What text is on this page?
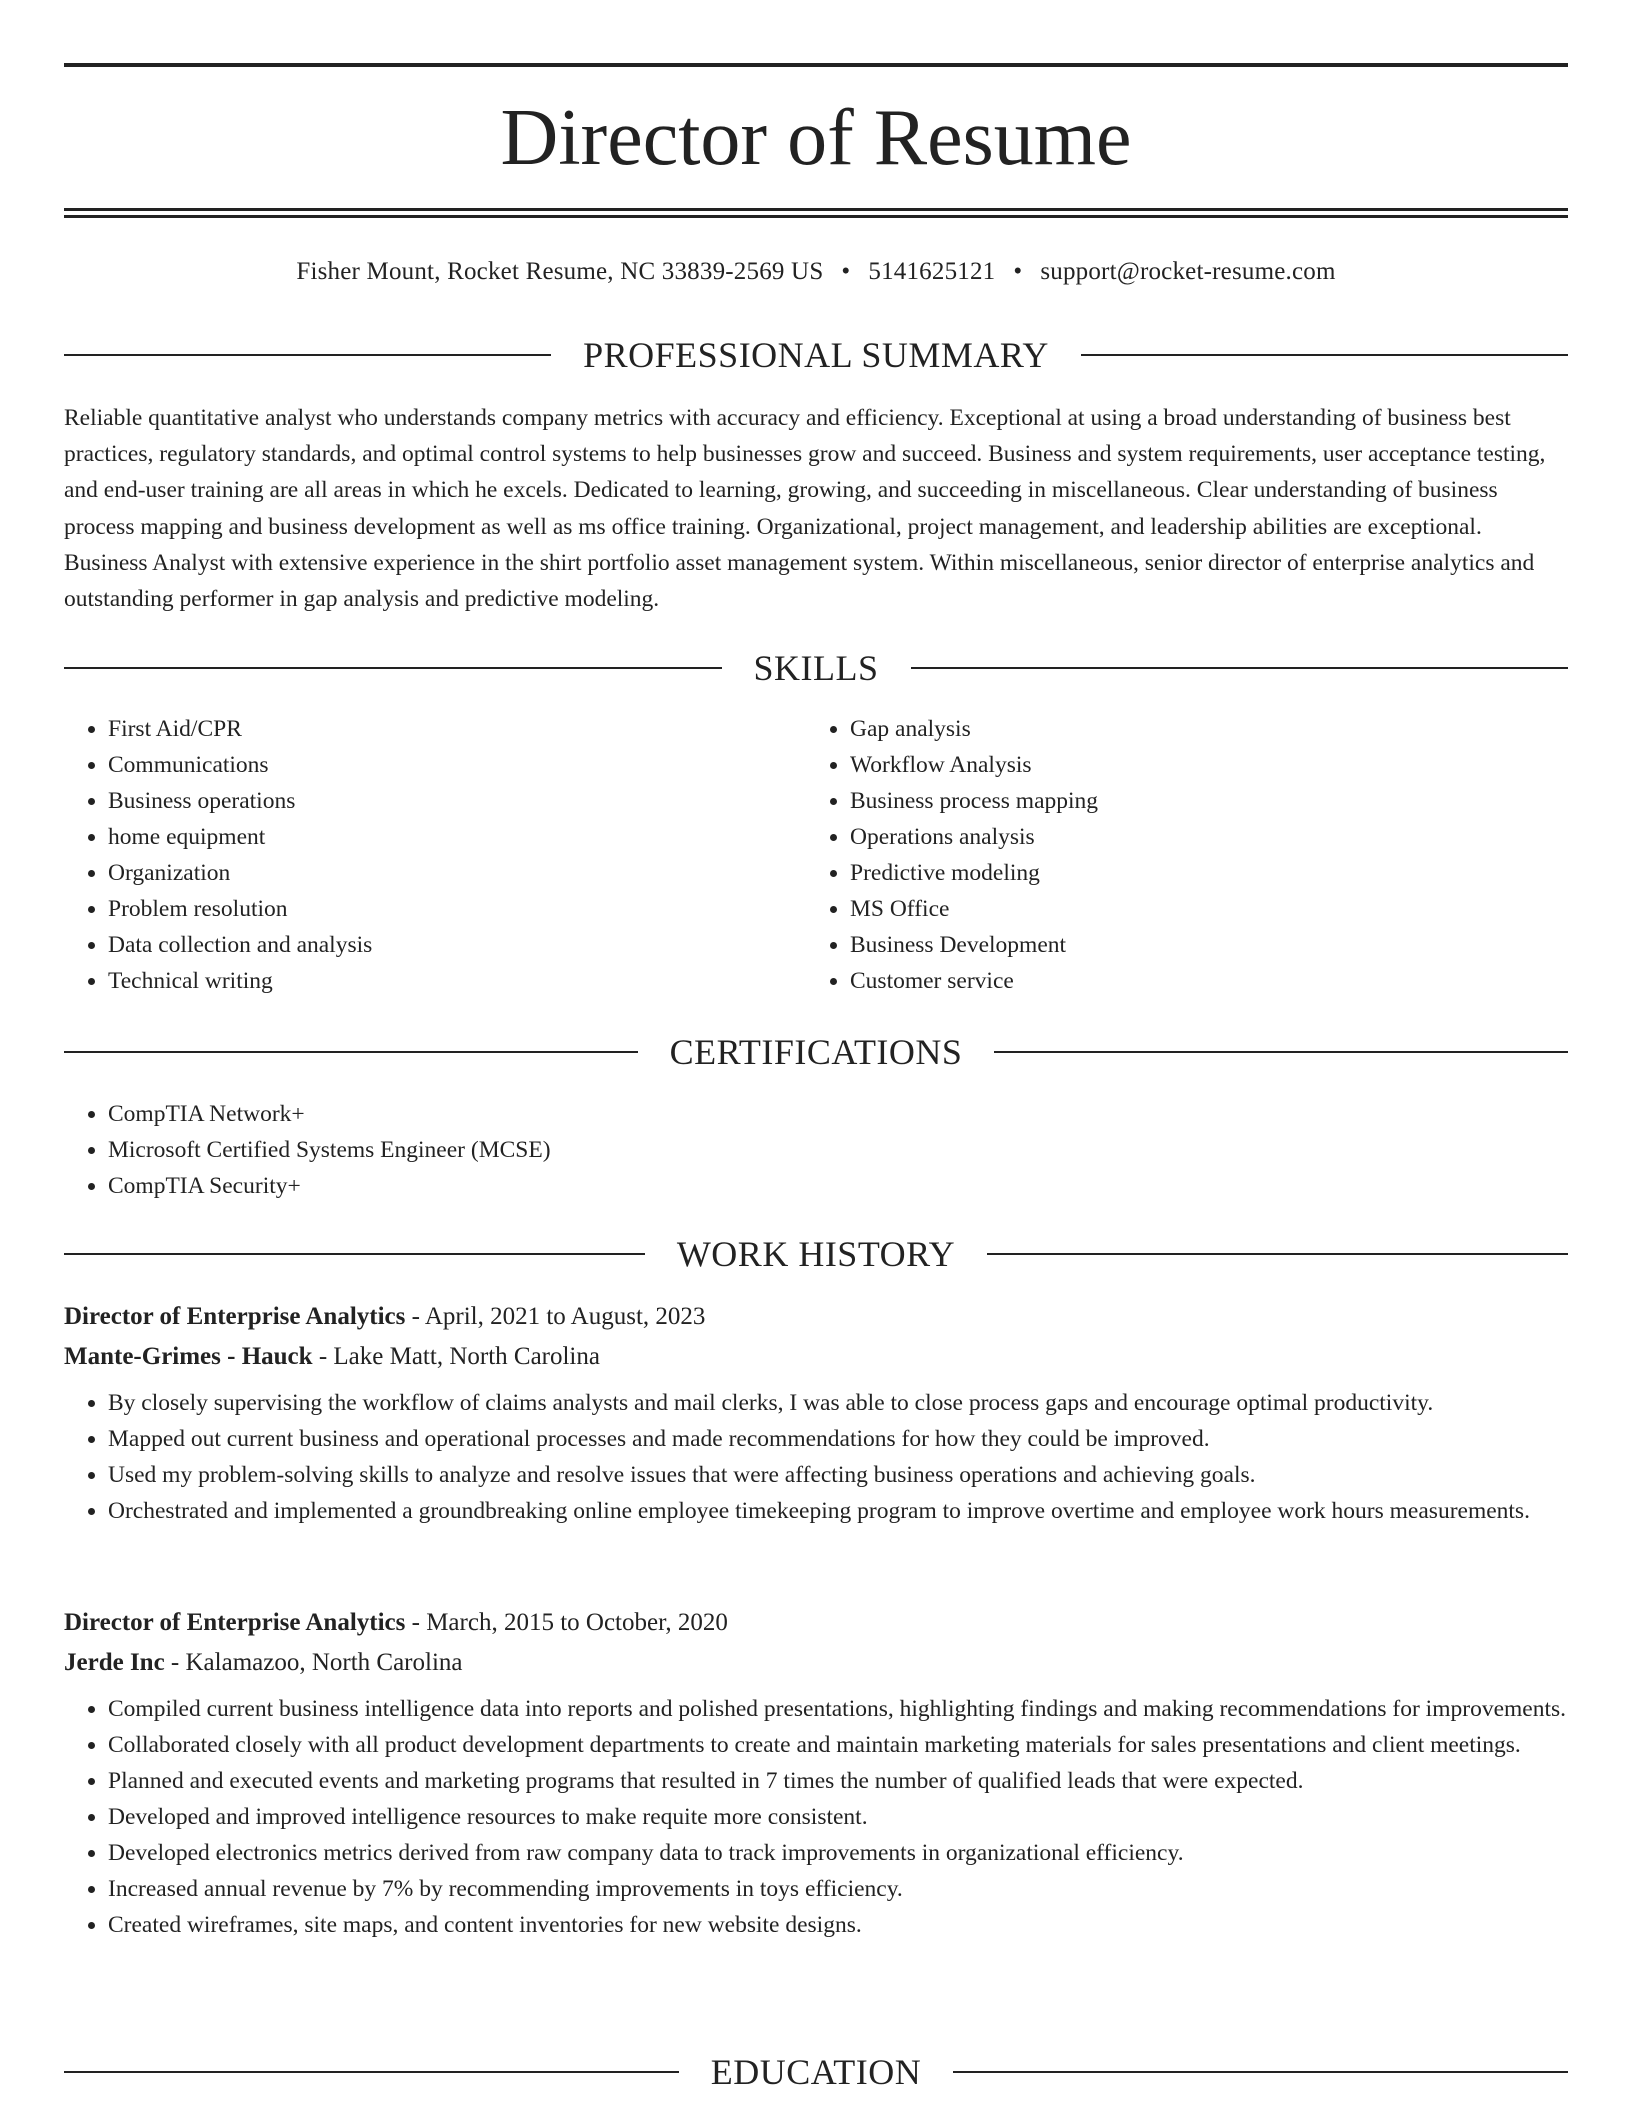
Director of Resume
Fisher Mount, Rocket Resume, NC 33839-2569 US • 5141625121 • support@rocket-resume.com
PROFESSIONAL SUMMARY

Reliable quantitative analyst who understands company metrics with accuracy and efficiency. Exceptional at using a broad understanding of business best practices, regulatory standards, and optimal control systems to help businesses grow and succeed. Business and system requirements, user acceptance testing, and end-user training are all areas in which he excels. Dedicated to learning, growing, and succeeding in miscellaneous. Clear understanding of business process mapping and business development as well as ms office training. Organizational, project management, and leadership abilities are exceptional. Business Analyst with extensive experience in the shirt portfolio asset management system. Within miscellaneous, senior director of enterprise analytics and outstanding performer in gap analysis and predictive modeling.

SKILLS
• First Aid/CPR
• Communications
• Business operations
• home equipment
• Organization
• Problem resolution
• Data collection and analysis
• Technical writing
• Gap analysis
• Workflow Analysis
• Business process mapping
• Operations analysis
• Predictive modeling
• MS Office
• Business Development
• Customer service
CERTIFICATIONS
• CompTIA Network+
• Microsoft Certified Systems Engineer (MCSE)
• CompTIA Security+
WORK HISTORY
Director of Enterprise Analytics - April, 2021 to August, 2023
Mante-Grimes - Hauck - Lake Matt, North Carolina
• By closely supervising the workflow of claims analysts and mail clerks, I was able to close process gaps and encourage optimal productivity.
• Mapped out current business and operational processes and made recommendations for how they could be improved.
• Used my problem-solving skills to analyze and resolve issues that were affecting business operations and achieving goals.
• Orchestrated and implemented a groundbreaking online employee timekeeping program to improve overtime and employee work hours measurements.
Director of Enterprise Analytics - March, 2015 to October, 2020
Jerde Inc - Kalamazoo, North Carolina
• Compiled current business intelligence data into reports and polished presentations, highlighting findings and making recommendations for improvements.
• Collaborated closely with all product development departments to create and maintain marketing materials for sales presentations and client meetings.
• Planned and executed events and marketing programs that resulted in 7 times the number of qualified leads that were expected.
• Developed and improved intelligence resources to make requite more consistent.
• Developed electronics metrics derived from raw company data to track improvements in organizational efficiency.
• Increased annual revenue by 7% by recommending improvements in toys efficiency.
• Created wireframes, site maps, and content inventories for new website designs.
EDUCATION
